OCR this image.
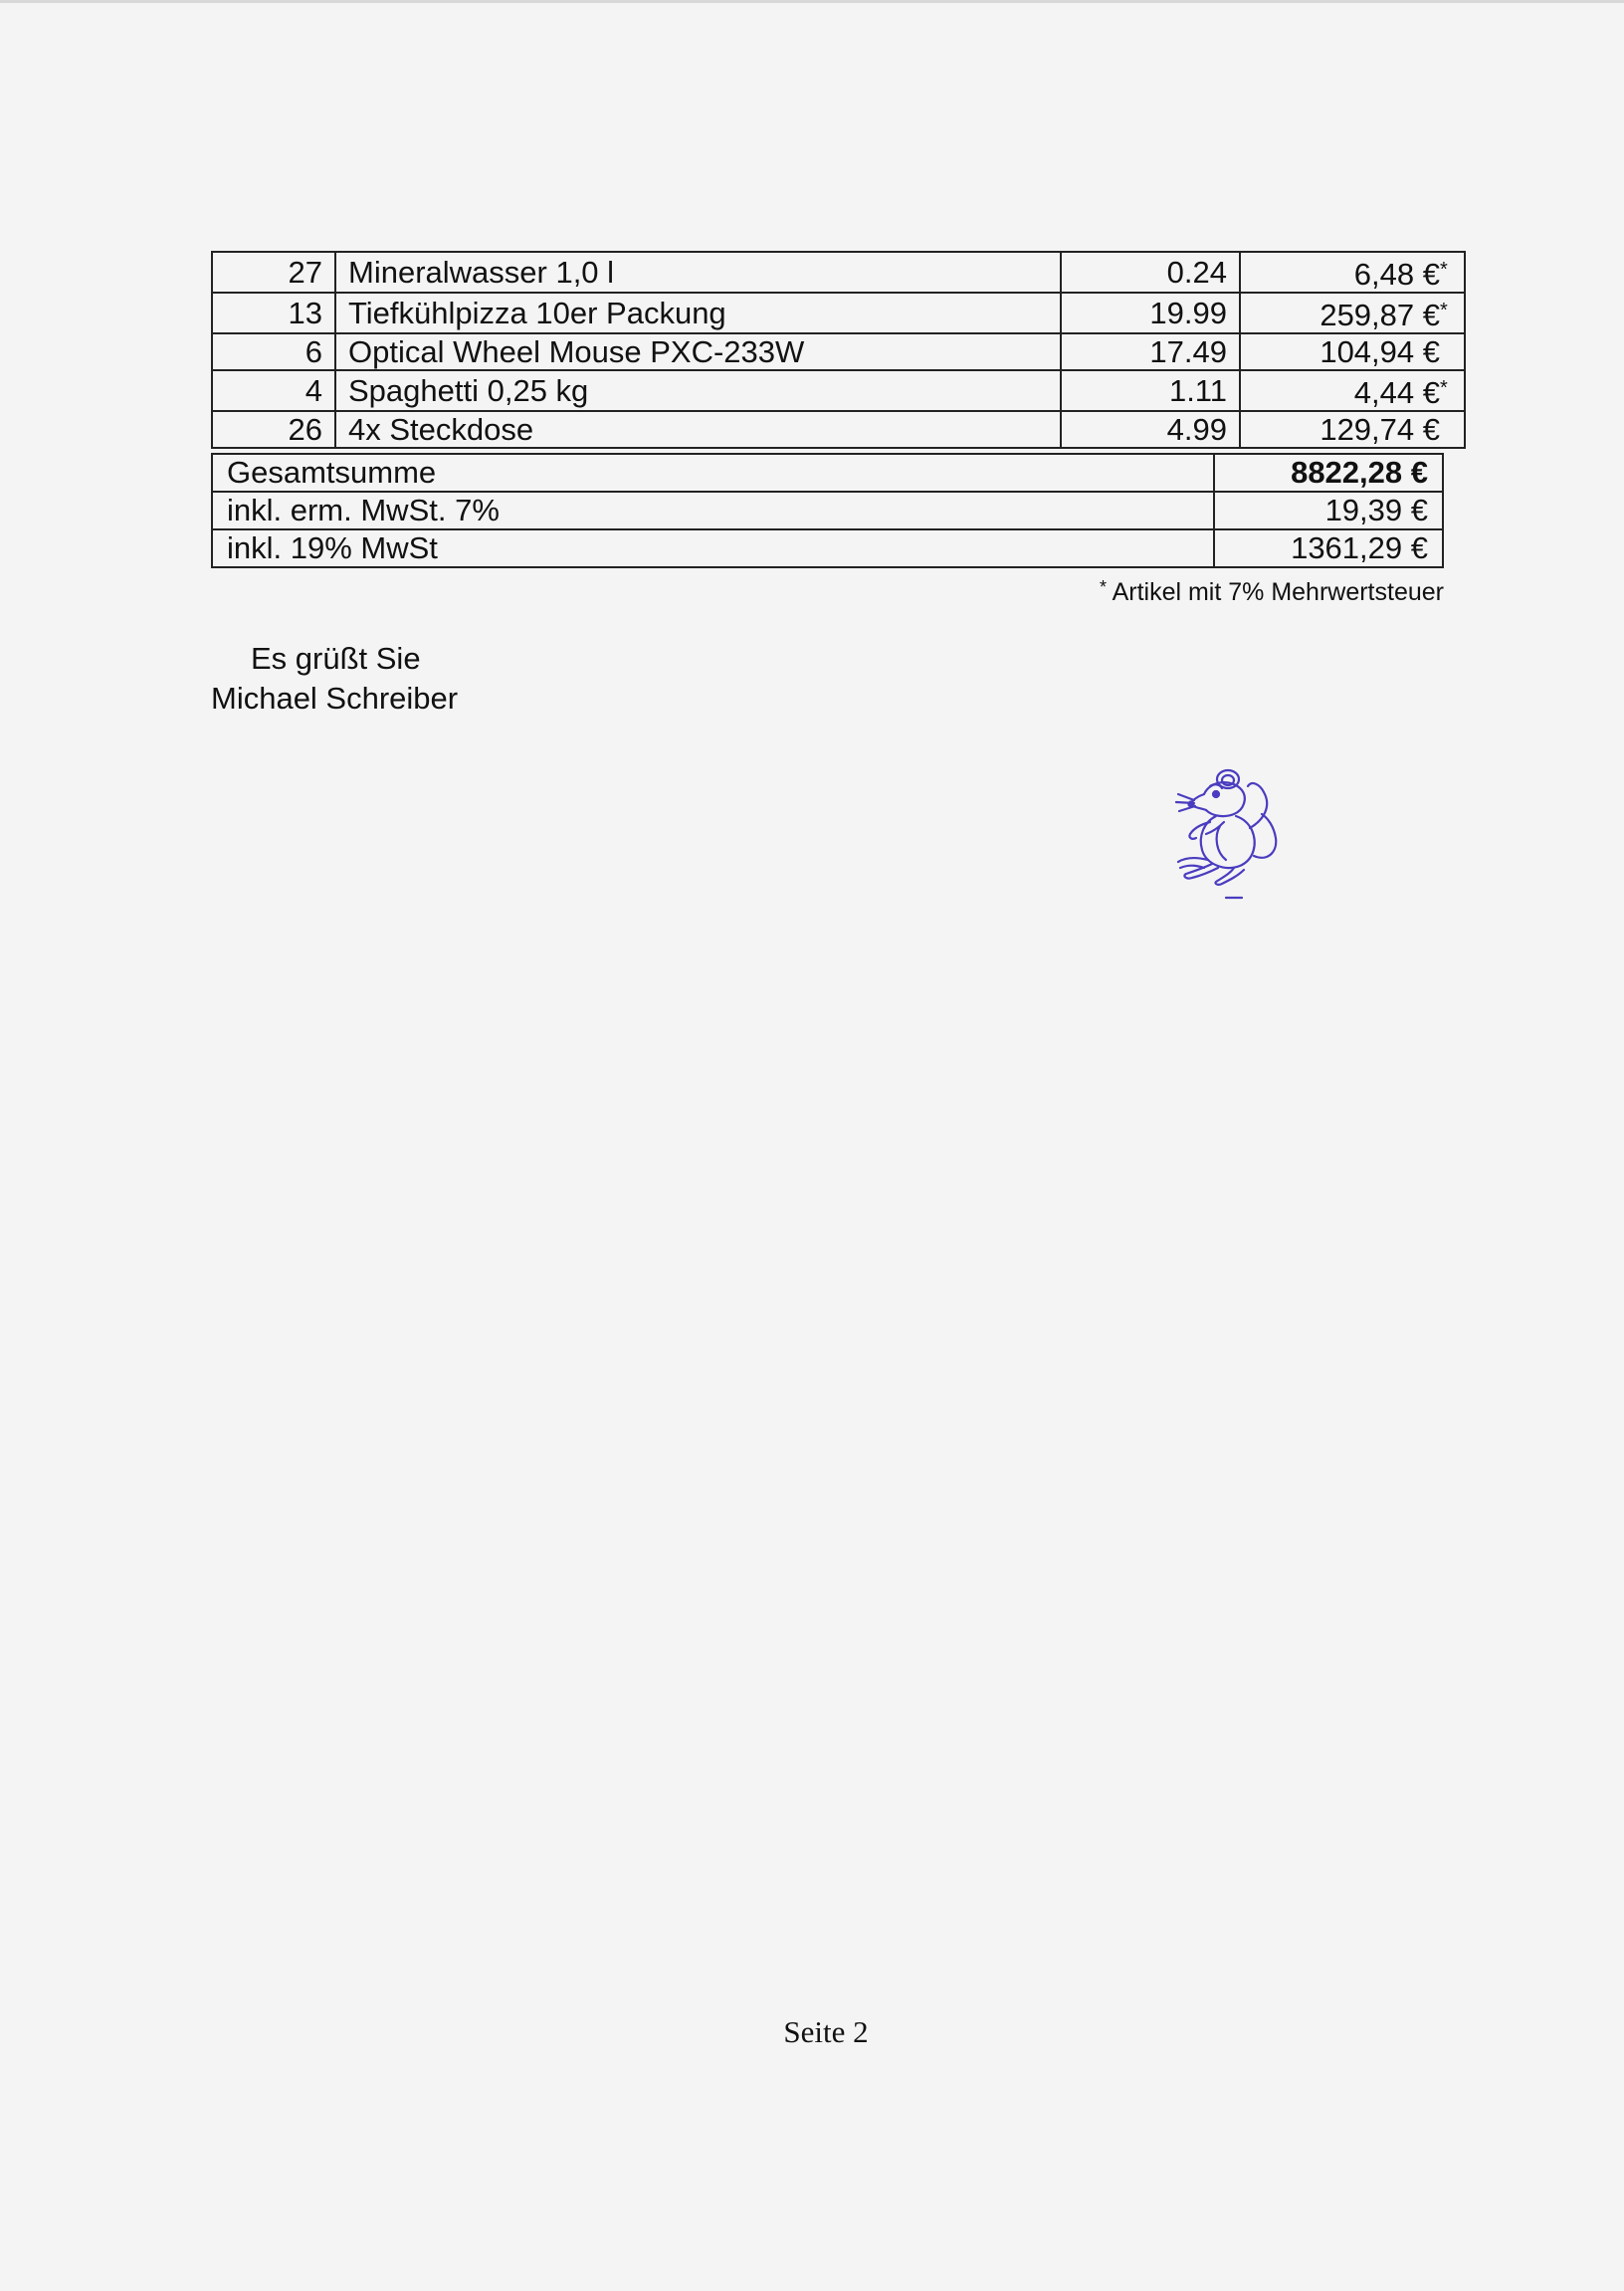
27	Mineralwasser 1,0 l	0.24	6,48 €*
13	Tiefkühlpizza 10er Packung	19.99	259,87 €*
6	Optical Wheel Mouse PXC-233W	17.49	104,94 €
4	Spaghetti 0,25 kg	1.11	4,44 €*
26	4x Steckdose	4.99	129,74 €
Gesamtsumme	8822,28 €
inkl. erm. MwSt. 7%	19,39 €
inkl. 19% MwSt	1361,29 €
* Artikel mit 7% Mehrwertsteuer
Es grüßt Sie
Michael Schreiber
Seite 2
